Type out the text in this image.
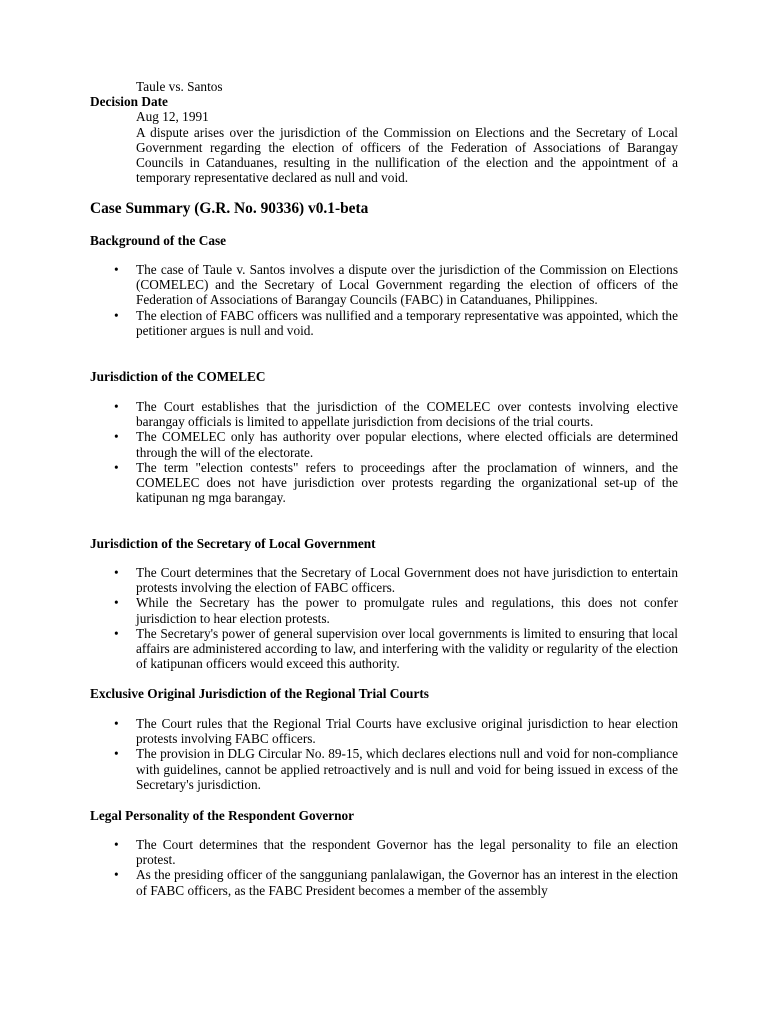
Taule vs. Santos
Decision Date
Aug 12, 1991
A dispute arises over the jurisdiction of the Commission on Elections and the Secretary of Local Government regarding the election of officers of the Federation of Associations of Barangay Councils in Catanduanes, resulting in the nullification of the election and the appointment of a temporary representative declared as null and void.
Case Summary (G.R. No. 90336) v0.1-beta
Background of the Case
• The case of Taule v. Santos involves a dispute over the jurisdiction of the Commission on Elections (COMELEC) and the Secretary of Local Government regarding the election of officers of the Federation of Associations of Barangay Councils (FABC) in Catanduanes, Philippines.
• The election of FABC officers was nullified and a temporary representative was appointed, which the petitioner argues is null and void.
Jurisdiction of the COMELEC
• The Court establishes that the jurisdiction of the COMELEC over contests involving elective barangay officials is limited to appellate jurisdiction from decisions of the trial courts.
• The COMELEC only has authority over popular elections, where elected officials are determined through the will of the electorate.
• The term "election contests" refers to proceedings after the proclamation of winners, and the COMELEC does not have jurisdiction over protests regarding the organizational set-up of the katipunan ng mga barangay.
Jurisdiction of the Secretary of Local Government
• The Court determines that the Secretary of Local Government does not have jurisdiction to entertain protests involving the election of FABC officers.
• While the Secretary has the power to promulgate rules and regulations, this does not confer jurisdiction to hear election protests.
• The Secretary's power of general supervision over local governments is limited to ensuring that local affairs are administered according to law, and interfering with the validity or regularity of the election of katipunan officers would exceed this authority.
Exclusive Original Jurisdiction of the Regional Trial Courts
• The Court rules that the Regional Trial Courts have exclusive original jurisdiction to hear election protests involving FABC officers.
• The provision in DLG Circular No. 89-15, which declares elections null and void for non-compliance with guidelines, cannot be applied retroactively and is null and void for being issued in excess of the Secretary's jurisdiction.
Legal Personality of the Respondent Governor
• The Court determines that the respondent Governor has the legal personality to file an election protest.
• As the presiding officer of the sangguniang panlalawigan, the Governor has an interest in the election of FABC officers, as the FABC President becomes a member of the assembly
